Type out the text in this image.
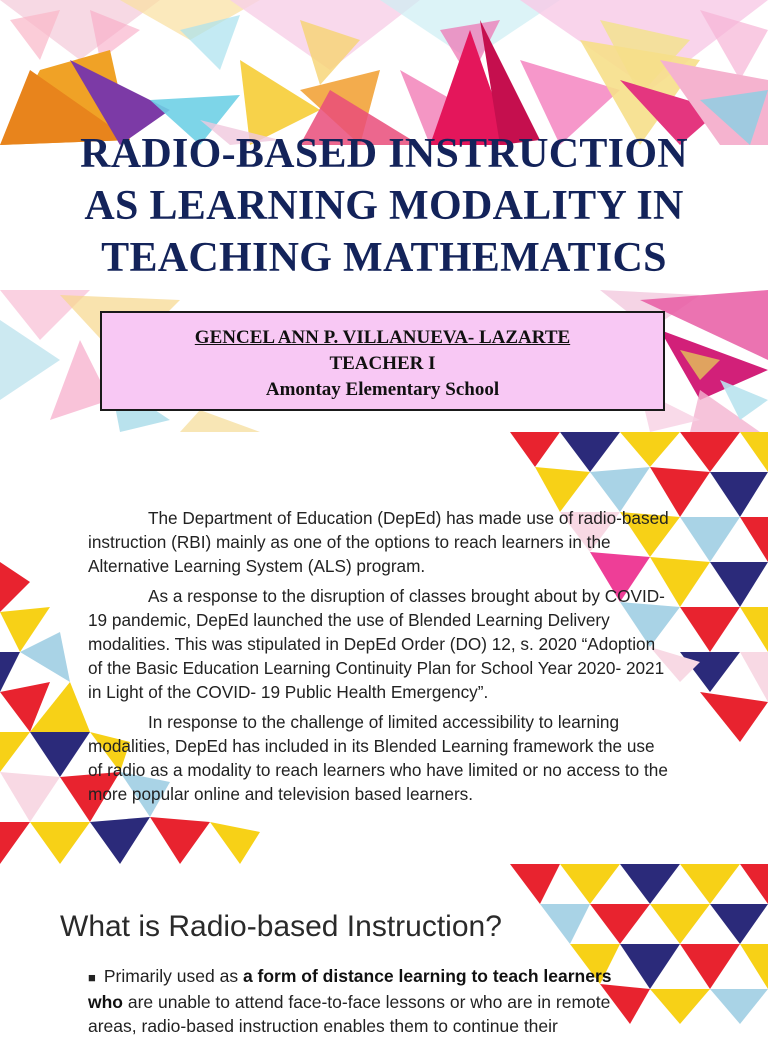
RADIO-BASED INSTRUCTION
AS LEARNING MODALITY IN
TEACHING MATHEMATICS
GENCEL ANN P. VILLANUEVA- LAZARTE
TEACHER I
Amontay Elementary School

The Department of Education (DepEd) has made use of radio-based instruction (RBI) mainly as one of the options to reach learners in the Alternative Learning System (ALS) program.

As a response to the disruption of classes brought about by COVID- 19 pandemic, DepEd launched the use of Blended Learning Delivery modalities. This was stipulated in DepEd Order (DO) 12, s. 2020 “Adoption of the Basic Education Learning Continuity Plan for School Year 2020- 2021 in Light of the COVID- 19 Public Health Emergency”.

In response to the challenge of limited accessibility to learning modalities, DepEd has included in its Blended Learning framework the use of radio as a modality to reach learners who have limited or no access to the more popular online and television based learners.

What is Radio-based Instruction?
■ Primarily used as a form of distance learning to teach learners who are unable to attend face-to-face lessons or who are in remote areas, radio-based instruction enables them to continue their
